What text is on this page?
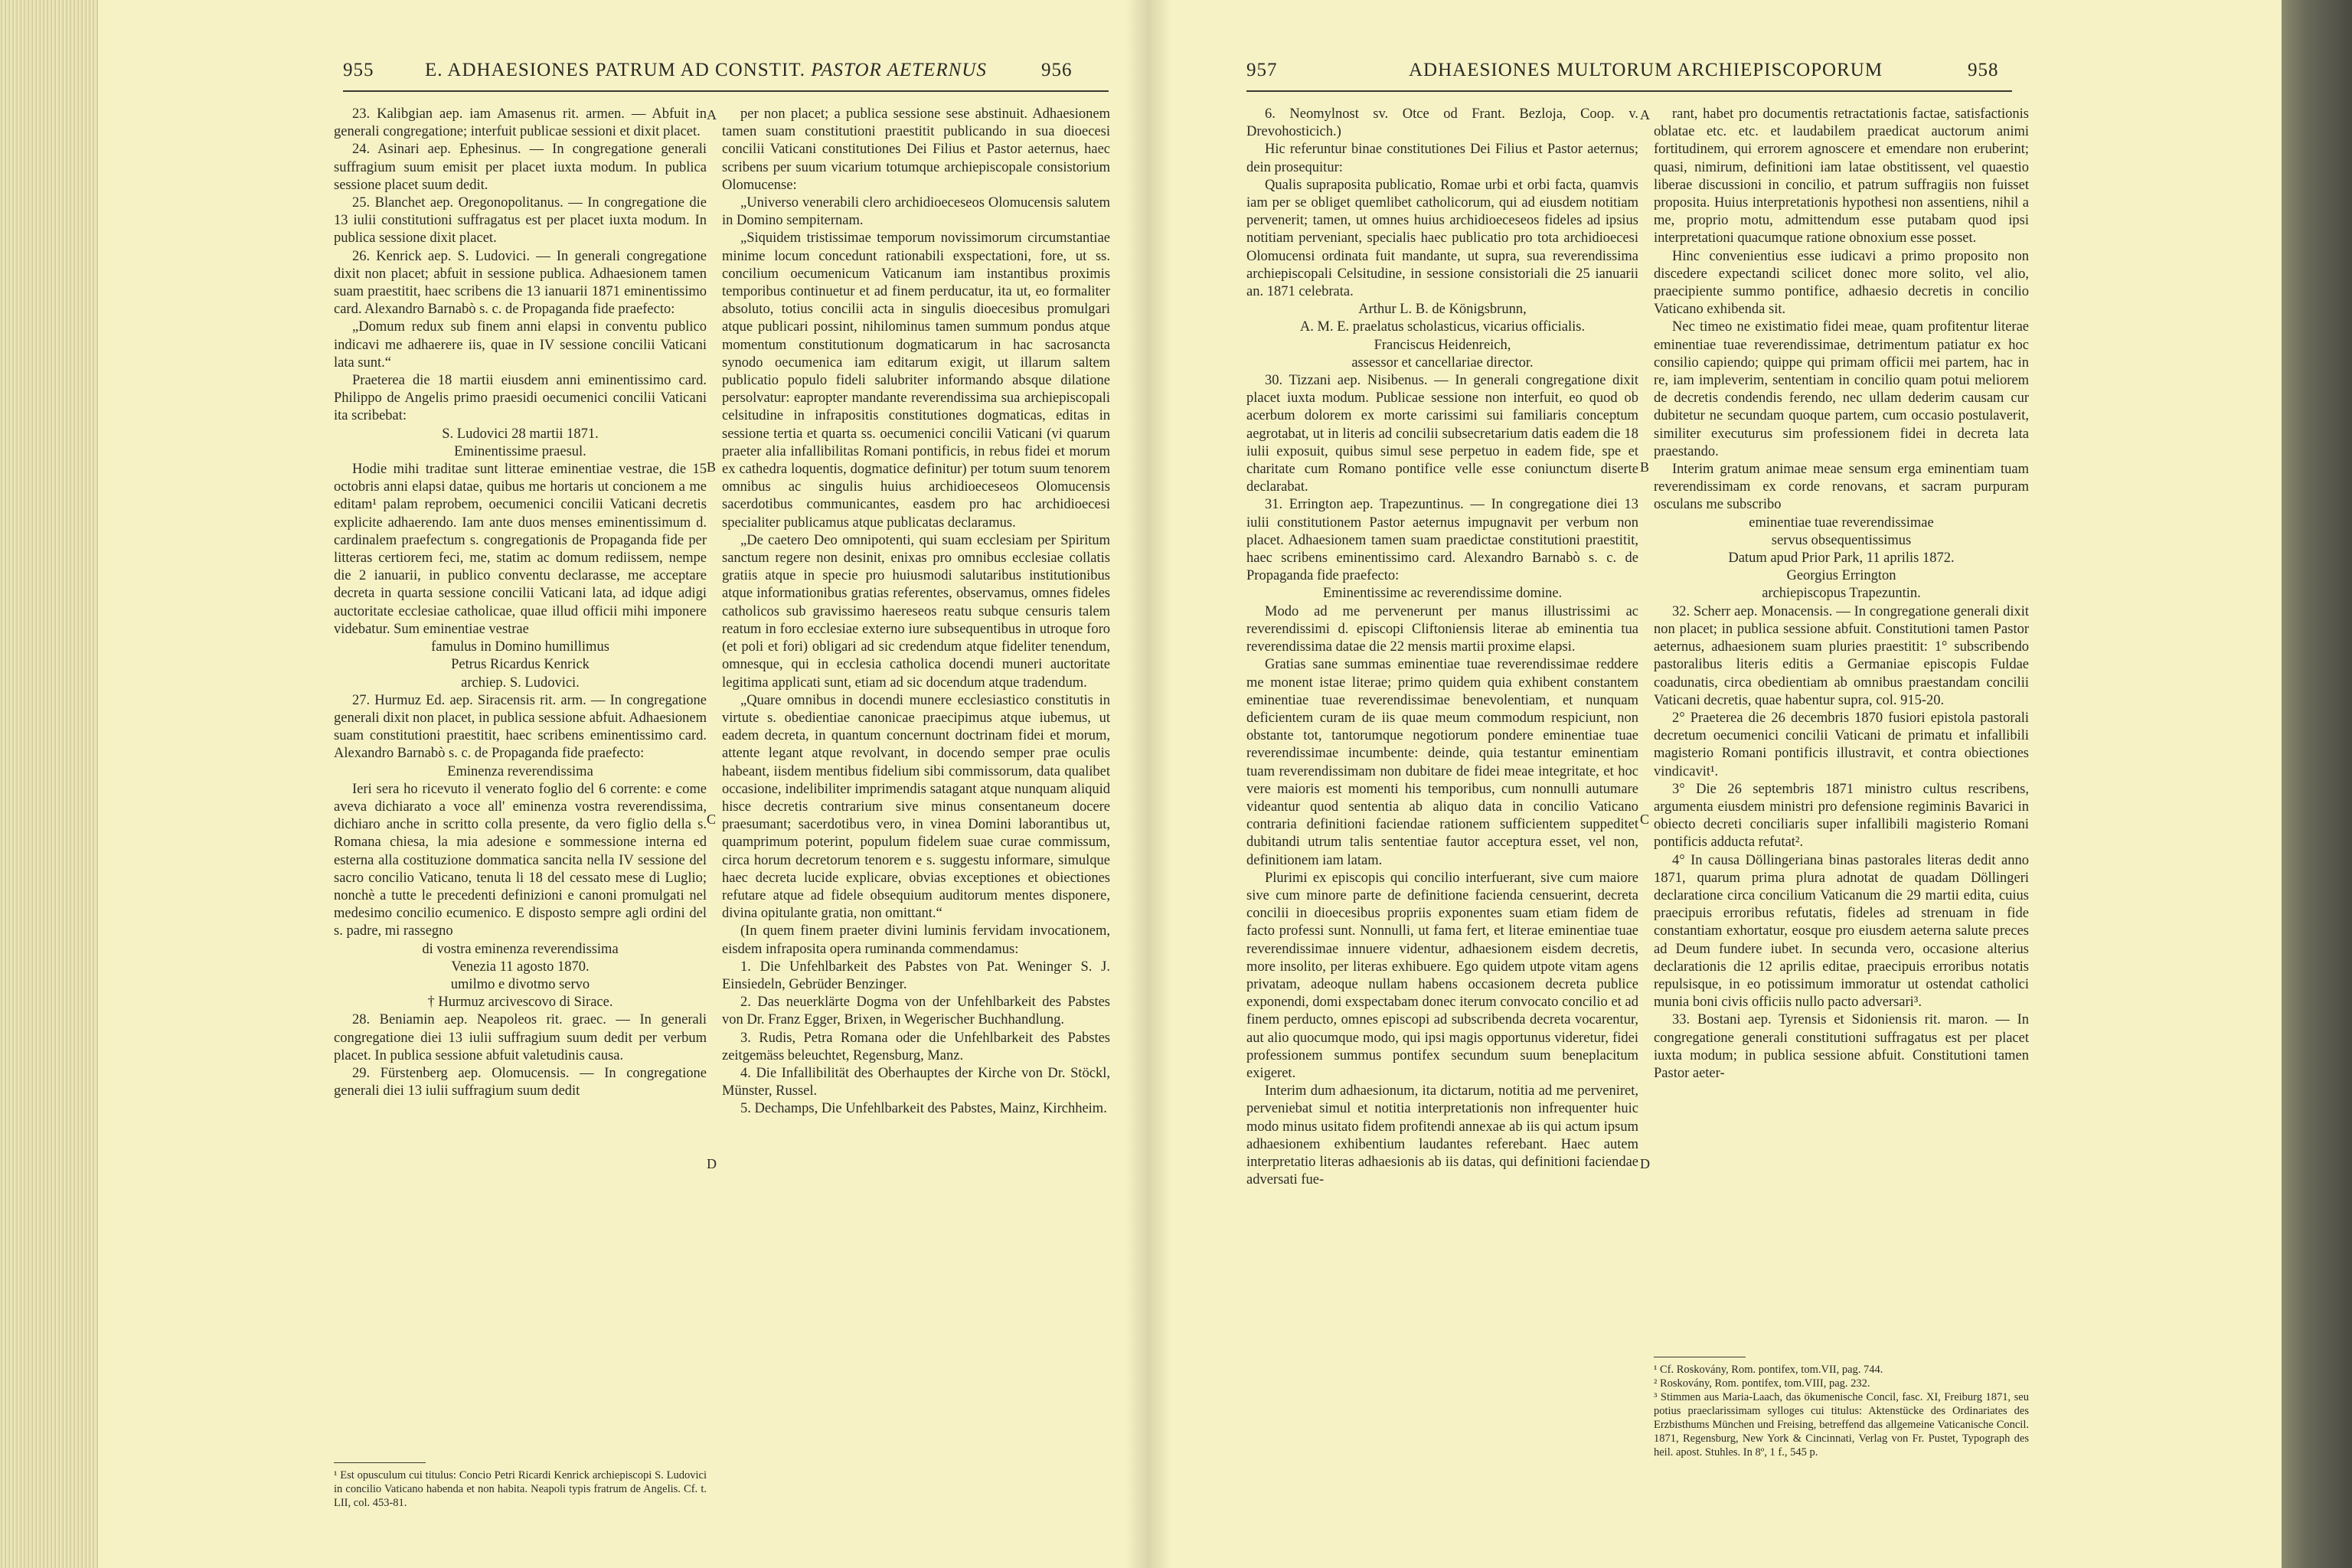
955	E. ADHAESIONES PATRUM AD CONSTIT. PASTOR AETERNUS	956

23. Kalibgian aep. iam Amasenus rit. armen. — Abfuit in generali congregatione; interfuit publicae sessioni et dixit placet.

24. Asinari aep. Ephesinus. — In congregatione generali suffragium suum emisit per placet iuxta modum. In publica sessione placet suum dedit.

25. Blanchet aep. Oregonopolitanus. — In congregatione die 13 iulii constitutioni suffragatus est per placet iuxta modum. In publica sessione dixit placet.

26. Kenrick aep. S. Ludovici. — In generali congregatione dixit non placet; abfuit in sessione publica. Adhaesionem tamen suam praestitit, haec scribens die 13 ianuarii 1871 eminentissimo card. Alexandro Barnabò s. c. de Propaganda fide praefecto:

„Domum redux sub finem anni elapsi in conventu publico indicavi me adhaerere iis, quae in IV sessione concilii Vaticani lata sunt.“

Praeterea die 18 martii eiusdem anni eminentissimo card. Philippo de Angelis primo praesidi oecumenici concilii Vaticani ita scribebat:

S. Ludovici 28 martii 1871.

Eminentissime praesul.

Hodie mihi traditae sunt litterae eminentiae vestrae, die 15 octobris anni elapsi datae, quibus me hortaris ut concionem a me editam¹ palam reprobem, oecumenici concilii Vaticani decretis explicite adhaerendo. Iam ante duos menses eminentissimum d. cardinalem praefectum s. congregationis de Propaganda fide per litteras certiorem feci, me, statim ac domum rediissem, nempe die 2 ianuarii, in publico conventu declarasse, me acceptare decreta in quarta sessione concilii Vaticani lata, ad idque adigi auctoritate ecclesiae catholicae, quae illud officii mihi imponere videbatur. Sum eminentiae vestrae

famulus in Domino humillimus

Petrus Ricardus Kenrick

archiep. S. Ludovici.

27. Hurmuz Ed. aep. Siracensis rit. arm. — In congregatione generali dixit non placet, in publica sessione abfuit. Adhaesionem suam constitutioni praestitit, haec scribens eminentissimo card. Alexandro Barnabò s. c. de Propaganda fide praefecto:

Eminenza reverendissima

Ieri sera ho ricevuto il venerato foglio del 6 corrente: e come aveva dichiarato a voce all' eminenza vostra reverendissima, dichiaro anche in scritto colla presente, da vero figlio della s. Romana chiesa, la mia adesione e sommessione interna ed esterna alla costituzione dommatica sancita nella IV sessione del sacro concilio Vaticano, tenuta li 18 del cessato mese di Luglio; nonchè a tutte le precedenti definizioni e canoni promulgati nel medesimo concilio ecumenico. E disposto sempre agli ordini del s. padre, mi rassegno

di vostra eminenza reverendissima

Venezia 11 agosto 1870.

umilmo e divotmo servo

† Hurmuz arcivescovo di Sirace.

28. Beniamin aep. Neapoleos rit. graec. — In generali congregatione diei 13 iulii suffragium suum dedit per verbum placet. In publica sessione abfuit valetudinis causa.

29. Fürstenberg aep. Olomucensis. — In congregatione generali diei 13 iulii suffragium suum dedit

A
B
C
D

per non placet; a publica sessione sese abstinuit. Adhaesionem tamen suam constitutioni praestitit publicando in sua dioecesi concilii Vaticani constitutiones Dei Filius et Pastor aeternus, haec scribens per suum vicarium totumque archiepiscopale consistorium Olomucense:

„Universo venerabili clero archidioeceseos Olomucensis salutem in Domino sempiternam.

„Siquidem tristissimae temporum novissimorum circumstantiae minime locum concedunt rationabili exspectationi, fore, ut ss. concilium oecumenicum Vaticanum iam instantibus proximis temporibus continuetur et ad finem perducatur, ita ut, eo formaliter absoluto, totius concilii acta in singulis dioecesibus promulgari atque publicari possint, nihilominus tamen summum pondus atque momentum constitutionum dogmaticarum in hac sacrosancta synodo oecumenica iam editarum exigit, ut illarum saltem publicatio populo fideli salubriter informando absque dilatione persolvatur: eapropter mandante reverendissima sua archiepiscopali celsitudine in infrapositis constitutiones dogmaticas, editas in sessione tertia et quarta ss. oecumenici concilii Vaticani (vi quarum praeter alia infallibilitas Romani pontificis, in rebus fidei et morum ex cathedra loquentis, dogmatice definitur) per totum suum tenorem omnibus ac singulis huius archidioeceseos Olomucensis sacerdotibus communicantes, easdem pro hac archidioecesi specialiter publicamus atque publicatas declaramus.

„De caetero Deo omnipotenti, qui suam ecclesiam per Spiritum sanctum regere non desinit, enixas pro omnibus ecclesiae collatis gratiis atque in specie pro huiusmodi salutaribus institutionibus atque informationibus gratias referentes, observamus, omnes fideles catholicos sub gravissimo haereseos reatu subque censuris talem reatum in foro ecclesiae externo iure subsequentibus in utroque foro (et poli et fori) obligari ad sic credendum atque fideliter tenendum, omnesque, qui in ecclesia catholica docendi muneri auctoritate legitima applicati sunt, etiam ad sic docendum atque tradendum.

„Quare omnibus in docendi munere ecclesiastico constitutis in virtute s. obedientiae canonicae praecipimus atque iubemus, ut eadem decreta, in quantum concernunt doctrinam fidei et morum, attente legant atque revolvant, in docendo semper prae oculis habeant, iisdem mentibus fidelium sibi commissorum, data qualibet occasione, indelibiliter imprimendis satagant atque nunquam aliquid hisce decretis contrarium sive minus consentaneum docere praesumant; sacerdotibus vero, in vinea Domini laborantibus ut, quamprimum poterint, populum fidelem suae curae commissum, circa horum decretorum tenorem e s. suggestu informare, simulque haec decreta lucide explicare, obvias exceptiones et obiectiones refutare atque ad fidele obsequium auditorum mentes disponere, divina opitulante gratia, non omittant.“

(In quem finem praeter divini luminis fervidam invocationem, eisdem infraposita opera ruminanda commendamus:

1. Die Unfehlbarkeit des Pabstes von Pat. Weninger S. J. Einsiedeln, Gebrüder Benzinger.

2. Das neuerklärte Dogma von der Unfehlbarkeit des Pabstes von Dr. Franz Egger, Brixen, in Wegerischer Buchhandlung.

3. Rudis, Petra Romana oder die Unfehlbarkeit des Pabstes zeitgemäss beleuchtet, Regensburg, Manz.

4. Die Infallibilität des Oberhauptes der Kirche von Dr. Stöckl, Münster, Russel.

5. Dechamps, Die Unfehlbarkeit des Pabstes, Mainz, Kirchheim.

¹ Est opusculum cui titulus: Concio Petri Ricardi Kenrick archiepiscopi S. Ludovici in concilio Vaticano habenda et non habita. Neapoli typis fratrum de Angelis. Cf. t. LII, col. 453-81.

957	ADHAESIONES MULTORUM ARCHIEPISCOPORUM	958

6. Neomylnost sv. Otce od Frant. Bezloja, Coop. v. Drevohosticich.)

Hic referuntur binae constitutiones Dei Filius et Pastor aeternus; dein prosequitur:

Qualis supraposita publicatio, Romae urbi et orbi facta, quamvis iam per se obliget quemlibet catholicorum, qui ad eiusdem notitiam pervenerit; tamen, ut omnes huius archidioeceseos fideles ad ipsius notitiam perveniant, specialis haec publicatio pro tota archidioecesi Olomucensi ordinata fuit mandante, ut supra, sua reverendissima archiepiscopali Celsitudine, in sessione consistoriali die 25 ianuarii an. 1871 celebrata.

Arthur L. B. de Königsbrunn,

A. M. E. praelatus scholasticus, vicarius officialis.

Franciscus Heidenreich,

assessor et cancellariae director.

30. Tizzani aep. Nisibenus. — In generali congregatione dixit placet iuxta modum. Publicae sessione non interfuit, eo quod ob acerbum dolorem ex morte carissimi sui familiaris conceptum aegrotabat, ut in literis ad concilii subsecretarium datis eadem die 18 iulii exposuit, quibus simul sese perpetuo in eadem fide, spe et charitate cum Romano pontifice velle esse coniunctum diserte declarabat.

31. Errington aep. Trapezuntinus. — In congregatione diei 13 iulii constitutionem Pastor aeternus impugnavit per verbum non placet. Adhaesionem tamen suam praedictae constitutioni praestitit, haec scribens eminentissimo card. Alexandro Barnabò s. c. de Propaganda fide praefecto:

Eminentissime ac reverendissime domine.

Modo ad me pervenerunt per manus illustrissimi ac reverendissimi d. episcopi Cliftoniensis literae ab eminentia tua reverendissima datae die 22 mensis martii proxime elapsi.

Gratias sane summas eminentiae tuae reverendissimae reddere me monent istae literae; primo quidem quia exhibent constantem eminentiae tuae reverendissimae benevolentiam, et nunquam deficientem curam de iis quae meum commodum respiciunt, non obstante tot, tantorumque negotiorum pondere eminentiae tuae reverendissimae incumbente: deinde, quia testantur eminentiam tuam reverendissimam non dubitare de fidei meae integritate, et hoc vere maioris est momenti his temporibus, cum nonnulli autumare videantur quod sententia ab aliquo data in concilio Vaticano contraria definitioni faciendae rationem sufficientem suppeditet dubitandi utrum talis sententiae fautor acceptura esset, vel non, definitionem iam latam.

Plurimi ex episcopis qui concilio interfuerant, sive cum maiore sive cum minore parte de definitione facienda censuerint, decreta concilii in dioecesibus propriis exponentes suam etiam fidem de facto professi sunt. Nonnulli, ut fama fert, et literae eminentiae tuae reverendissimae innuere videntur, adhaesionem eisdem decretis, more insolito, per literas exhibuere. Ego quidem utpote vitam agens privatam, adeoque nullam habens occasionem decreta publice exponendi, domi exspectabam donec iterum convocato concilio et ad finem perducto, omnes episcopi ad subscribenda decreta vocarentur, aut alio quocumque modo, qui ipsi magis opportunus videretur, fidei professionem summus pontifex secundum suum beneplacitum exigeret.

Interim dum adhaesionum, ita dictarum, notitia ad me perveniret, perveniebat simul et notitia interpretationis non infrequenter huic modo minus usitato fidem profitendi annexae ab iis qui actum ipsum adhaesionem exhibentium laudantes referebant. Haec autem interpretatio literas adhaesionis ab iis datas, qui definitioni faciendae adversati fue-

A
B
C
D

rant, habet pro documentis retractationis factae, satisfactionis oblatae etc. etc. et laudabilem praedicat auctorum animi fortitudinem, qui errorem agnoscere et emendare non eruberint; quasi, nimirum, definitioni iam latae obstitissent, vel quaestio liberae discussioni in concilio, et patrum suffragiis non fuisset proposita. Huius interpretationis hypothesi non assentiens, nihil a me, proprio motu, admittendum esse putabam quod ipsi interpretationi quacumque ratione obnoxium esse posset.

Hinc convenientius esse iudicavi a primo proposito non discedere expectandi scilicet donec more solito, vel alio, praecipiente summo pontifice, adhaesio decretis in concilio Vaticano exhibenda sit.

Nec timeo ne existimatio fidei meae, quam profitentur literae eminentiae tuae reverendissimae, detrimentum patiatur ex hoc consilio capiendo; quippe qui primam officii mei partem, hac in re, iam impleverim, sententiam in concilio quam potui meliorem de decretis condendis ferendo, nec ullam dederim causam cur dubitetur ne secundam quoque partem, cum occasio postulaverit, similiter executurus sim professionem fidei in decreta lata praestando.

Interim gratum animae meae sensum erga eminentiam tuam reverendissimam ex corde renovans, et sacram purpuram osculans me subscribo

eminentiae tuae reverendissimae

servus obsequentissimus

Datum apud Prior Park, 11 aprilis 1872.

Georgius Errington

archiepiscopus Trapezuntin.

32. Scherr aep. Monacensis. — In congregatione generali dixit non placet; in publica sessione abfuit. Constitutioni tamen Pastor aeternus, adhaesionem suam pluries praestitit: 1° subscribendo pastoralibus literis editis a Germaniae episcopis Fuldae coadunatis, circa obedientiam ab omnibus praestandam concilii Vaticani decretis, quae habentur supra, col. 915-20.

2° Praeterea die 26 decembris 1870 fusiori epistola pastorali decretum oecumenici concilii Vaticani de primatu et infallibili magisterio Romani pontificis illustravit, et contra obiectiones vindicavit¹.

3° Die 26 septembris 1871 ministro cultus rescribens, argumenta eiusdem ministri pro defensione regiminis Bavarici in obiecto decreti conciliaris super infallibili magisterio Romani pontificis adducta refutat².

4° In causa Döllingeriana binas pastorales literas dedit anno 1871, quarum prima plura adnotat de quadam Döllingeri declaratione circa concilium Vaticanum die 29 martii edita, cuius praecipuis erroribus refutatis, fideles ad strenuam in fide constantiam exhortatur, eosque pro eiusdem aeterna salute preces ad Deum fundere iubet. In secunda vero, occasione alterius declarationis die 12 aprilis editae, praecipuis erroribus notatis repulsisque, in eo potissimum immoratur ut ostendat catholici munia boni civis officiis nullo pacto adversari³.

33. Bostani aep. Tyrensis et Sidoniensis rit. maron. — In congregatione generali constitutioni suffragatus est per placet iuxta modum; in publica sessione abfuit. Constitutioni tamen Pastor aeter-

¹ Cf. Roskovány, Rom. pontifex, tom.VII, pag. 744.

² Roskovány, Rom. pontifex, tom.VIII, pag. 232.

³ Stimmen aus Maria-Laach, das ökumenische Concil, fasc. XI, Freiburg 1871, seu potius praeclarissimam sylloges cui titulus: Aktenstücke des Ordinariates des Erzbisthums München und Freising, betreffend das allgemeine Vaticanische Concil. 1871, Regensburg, New York & Cincinnati, Verlag von Fr. Pustet, Typograph des heil. apost. Stuhles. In 8º, 1 f., 545 p.
